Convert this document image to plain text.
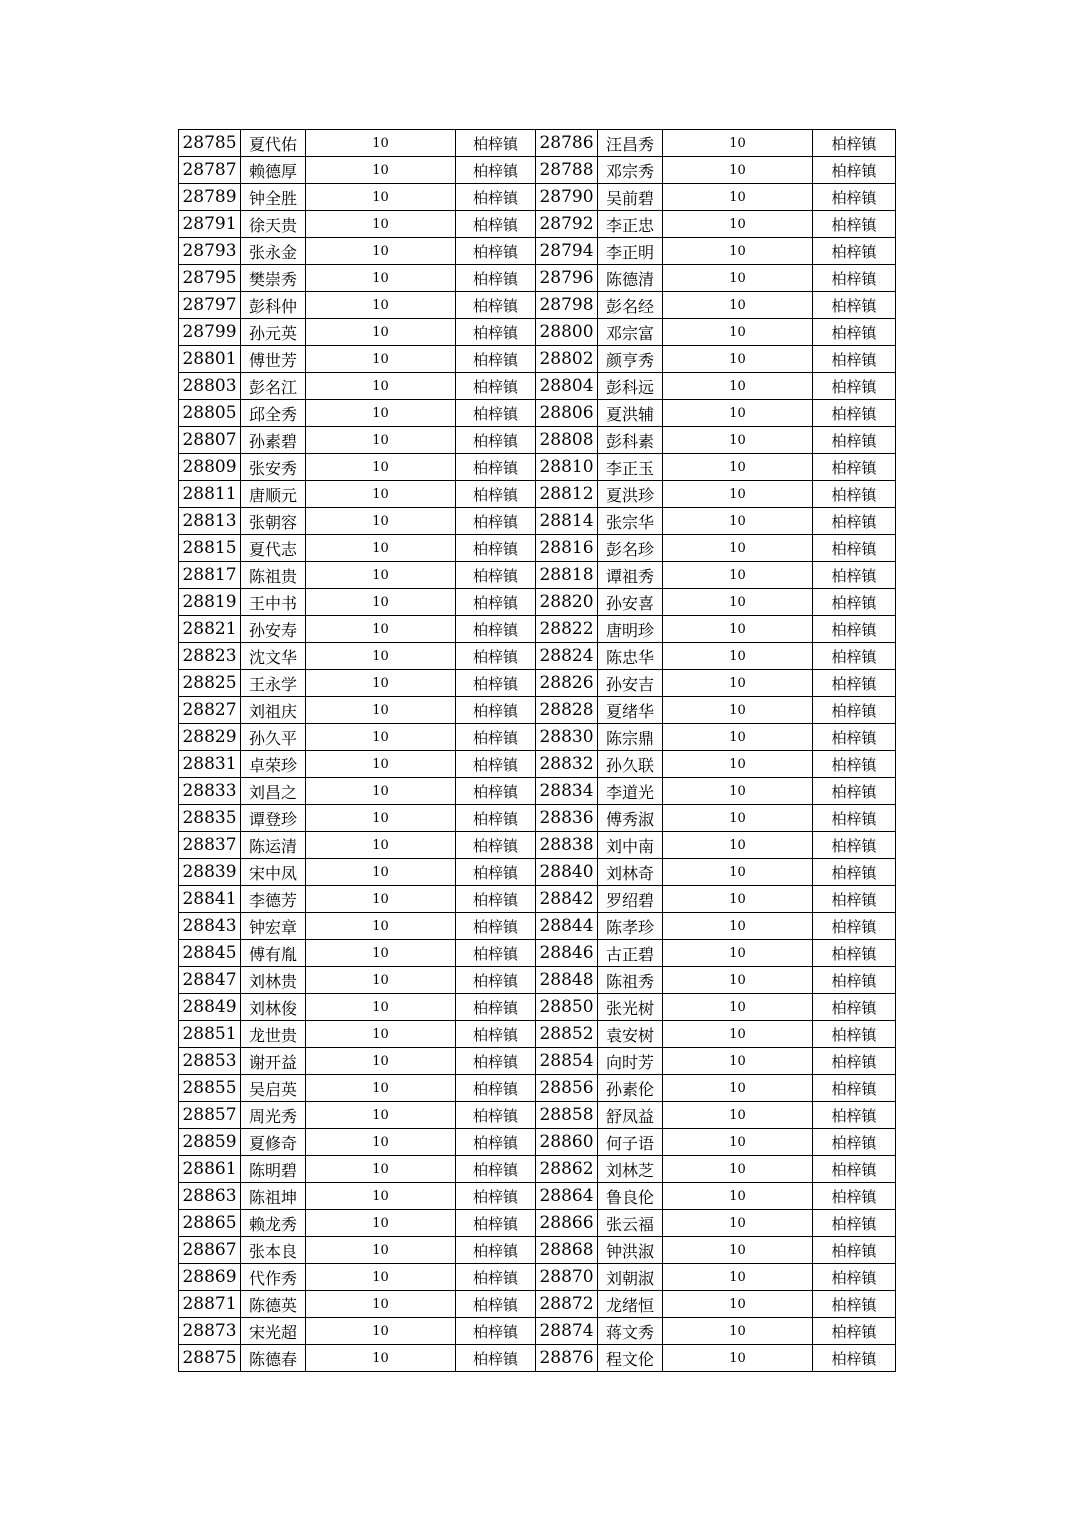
28785	夏代佑	10	柏梓镇	28786	汪昌秀	10	柏梓镇
28787	赖德厚	10	柏梓镇	28788	邓宗秀	10	柏梓镇
28789	钟全胜	10	柏梓镇	28790	吴前碧	10	柏梓镇
28791	徐天贵	10	柏梓镇	28792	李正忠	10	柏梓镇
28793	张永金	10	柏梓镇	28794	李正明	10	柏梓镇
28795	樊崇秀	10	柏梓镇	28796	陈德清	10	柏梓镇
28797	彭科仲	10	柏梓镇	28798	彭名经	10	柏梓镇
28799	孙元英	10	柏梓镇	28800	邓宗富	10	柏梓镇
28801	傅世芳	10	柏梓镇	28802	颜亨秀	10	柏梓镇
28803	彭名江	10	柏梓镇	28804	彭科远	10	柏梓镇
28805	邱全秀	10	柏梓镇	28806	夏洪辅	10	柏梓镇
28807	孙素碧	10	柏梓镇	28808	彭科素	10	柏梓镇
28809	张安秀	10	柏梓镇	28810	李正玉	10	柏梓镇
28811	唐顺元	10	柏梓镇	28812	夏洪珍	10	柏梓镇
28813	张朝容	10	柏梓镇	28814	张宗华	10	柏梓镇
28815	夏代志	10	柏梓镇	28816	彭名珍	10	柏梓镇
28817	陈祖贵	10	柏梓镇	28818	谭祖秀	10	柏梓镇
28819	王中书	10	柏梓镇	28820	孙安喜	10	柏梓镇
28821	孙安寿	10	柏梓镇	28822	唐明珍	10	柏梓镇
28823	沈文华	10	柏梓镇	28824	陈忠华	10	柏梓镇
28825	王永学	10	柏梓镇	28826	孙安吉	10	柏梓镇
28827	刘祖庆	10	柏梓镇	28828	夏绪华	10	柏梓镇
28829	孙久平	10	柏梓镇	28830	陈宗鼎	10	柏梓镇
28831	卓荣珍	10	柏梓镇	28832	孙久联	10	柏梓镇
28833	刘昌之	10	柏梓镇	28834	李道光	10	柏梓镇
28835	谭登珍	10	柏梓镇	28836	傅秀淑	10	柏梓镇
28837	陈运清	10	柏梓镇	28838	刘中南	10	柏梓镇
28839	宋中凤	10	柏梓镇	28840	刘林奇	10	柏梓镇
28841	李德芳	10	柏梓镇	28842	罗绍碧	10	柏梓镇
28843	钟宏章	10	柏梓镇	28844	陈孝珍	10	柏梓镇
28845	傅有胤	10	柏梓镇	28846	古正碧	10	柏梓镇
28847	刘林贵	10	柏梓镇	28848	陈祖秀	10	柏梓镇
28849	刘林俊	10	柏梓镇	28850	张光树	10	柏梓镇
28851	龙世贵	10	柏梓镇	28852	袁安树	10	柏梓镇
28853	谢开益	10	柏梓镇	28854	向时芳	10	柏梓镇
28855	吴启英	10	柏梓镇	28856	孙素伦	10	柏梓镇
28857	周光秀	10	柏梓镇	28858	舒凤益	10	柏梓镇
28859	夏修奇	10	柏梓镇	28860	何子语	10	柏梓镇
28861	陈明碧	10	柏梓镇	28862	刘林芝	10	柏梓镇
28863	陈祖坤	10	柏梓镇	28864	鲁良伦	10	柏梓镇
28865	赖龙秀	10	柏梓镇	28866	张云福	10	柏梓镇
28867	张本良	10	柏梓镇	28868	钟洪淑	10	柏梓镇
28869	代作秀	10	柏梓镇	28870	刘朝淑	10	柏梓镇
28871	陈德英	10	柏梓镇	28872	龙绪恒	10	柏梓镇
28873	宋光超	10	柏梓镇	28874	蒋文秀	10	柏梓镇
28875	陈德春	10	柏梓镇	28876	程文伦	10	柏梓镇
